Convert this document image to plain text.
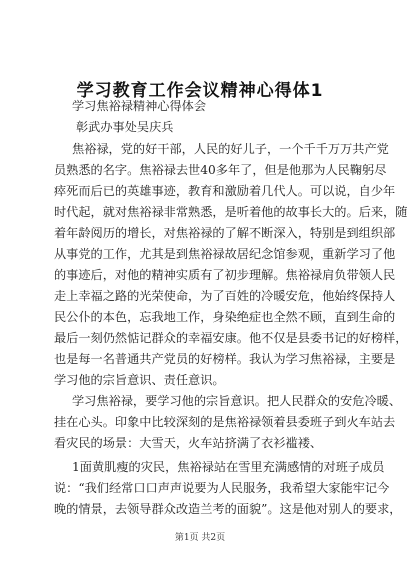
学习教育工作会议精神心得体1
学习焦裕禄精神心得体会
彰武办事处吴庆兵
焦裕禄，党的好干部，人民的好儿子，一个千千万万共产党
员熟悉的名字。焦裕禄去世40多年了，但是他那为人民鞠躬尽
瘁死而后已的英雄事迹，教育和激励着几代人。可以说，自少年
时代起，就对焦裕禄非常熟悉，是听着他的故事长大的。后来，随
着年龄阅历的增长，对焦裕禄的了解不断深入，特别是到组织部
从事党的工作，尤其是到焦裕禄故居纪念馆参观，重新学习了他
的事迹后，对他的精神实质有了初步理解。焦裕禄肩负带领人民
走上幸福之路的光荣使命，为了百姓的冷暖安危，他始终保持人
民公仆的本色，忘我地工作，身染绝症也全然不顾，直到生命的
最后一刻仍然惦记群众的幸福安康。他不仅是县委书记的好榜样，
也是每一名普通共产党员的好榜样。我认为学习焦裕禄，主要是
学习他的宗旨意识、责任意识。
学习焦裕禄，要学习他的宗旨意识。把人民群众的安危冷暖、
挂在心头。印象中比较深刻的是焦裕禄领着县委班子到火车站去
看灾民的场景：大雪天，火车站挤满了衣衫褴褛、
1面黄肌瘦的灾民，焦裕禄站在雪里充满感情的对班子成员
说：“我们经常口口声声说要为人民服务，我希望大家能牢记今
晚的情景，去领导群众改造兰考的面貌”。这是他对别人的要求，
第1页 共2页
